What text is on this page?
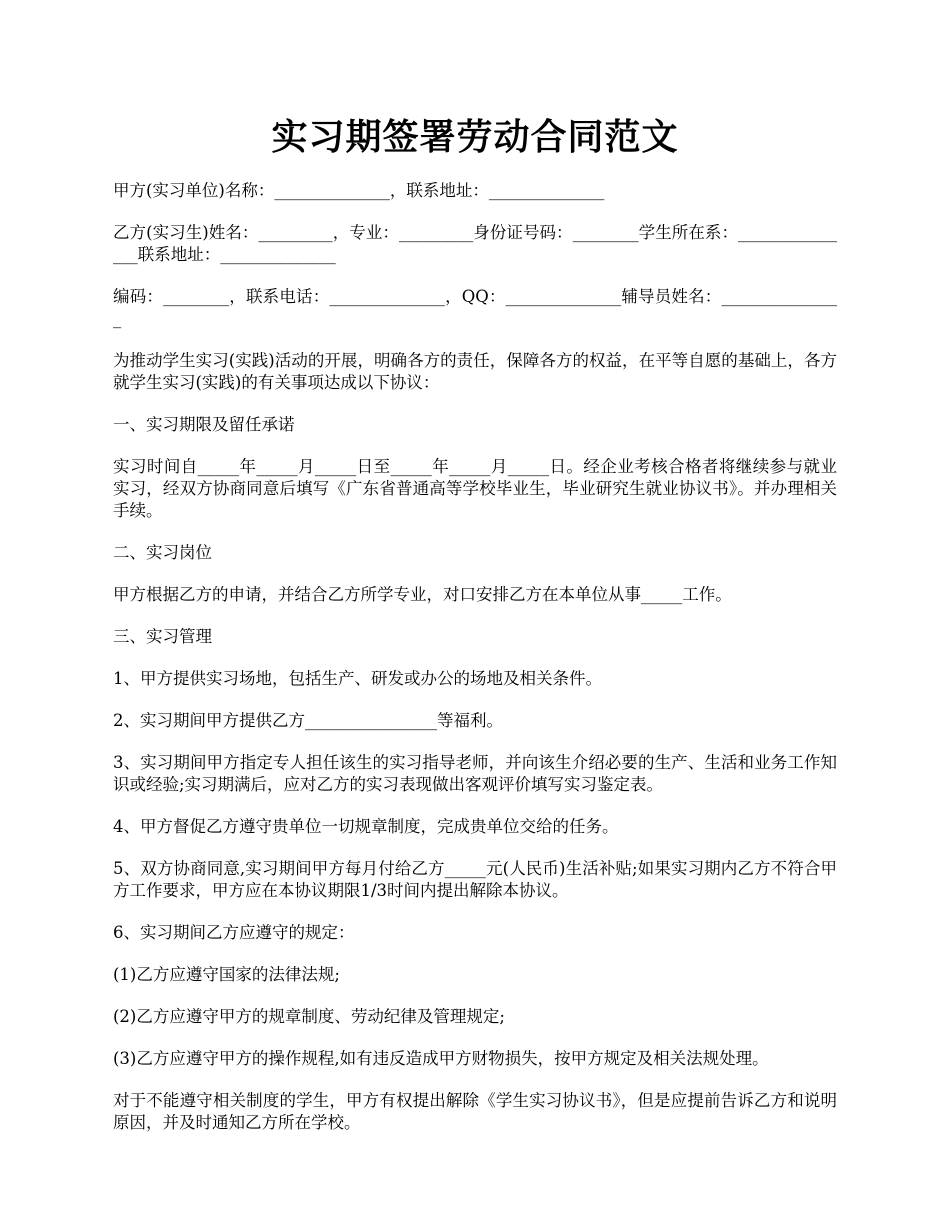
实习期签署劳动合同范文

甲方(实习单位)名称：______________，联系地址：______________

乙方(实习生)姓名：_________，专业：_________身份证号码：________学生所在系：_______________联系地址：______________

编码：________，联系电话：______________，QQ：______________辅导员姓名：_______________

为推动学生实习(实践)活动的开展，明确各方的责任，保障各方的权益，在平等自愿的基础上，各方就学生实习(实践)的有关事项达成以下协议：

一、实习期限及留任承诺

实习时间自_____年_____月_____日至_____年_____月_____日。经企业考核合格者将继续参与就业实习，经双方协商同意后填写《广东省普通高等学校毕业生，毕业研究生就业协议书》。并办理相关手续。

二、实习岗位

甲方根据乙方的申请，并结合乙方所学专业，对口安排乙方在本单位从事_____工作。

三、实习管理

1、甲方提供实习场地，包括生产、研发或办公的场地及相关条件。

2、实习期间甲方提供乙方________________等福利。

3、实习期间甲方指定专人担任该生的实习指导老师，并向该生介绍必要的生产、生活和业务工作知识或经验;实习期满后，应对乙方的实习表现做出客观评价填写实习鉴定表。

4、甲方督促乙方遵守贵单位一切规章制度，完成贵单位交给的任务。

5、双方协商同意,实习期间甲方每月付给乙方_____元(人民币)生活补贴;如果实习期内乙方不符合甲方工作要求，甲方应在本协议期限1/3时间内提出解除本协议。

6、实习期间乙方应遵守的规定：

(1)乙方应遵守国家的法律法规;

(2)乙方应遵守甲方的规章制度、劳动纪律及管理规定;

(3)乙方应遵守甲方的操作规程,如有违反造成甲方财物损失，按甲方规定及相关法规处理。

对于不能遵守相关制度的学生，甲方有权提出解除《学生实习协议书》，但是应提前告诉乙方和说明原因，并及时通知乙方所在学校。
